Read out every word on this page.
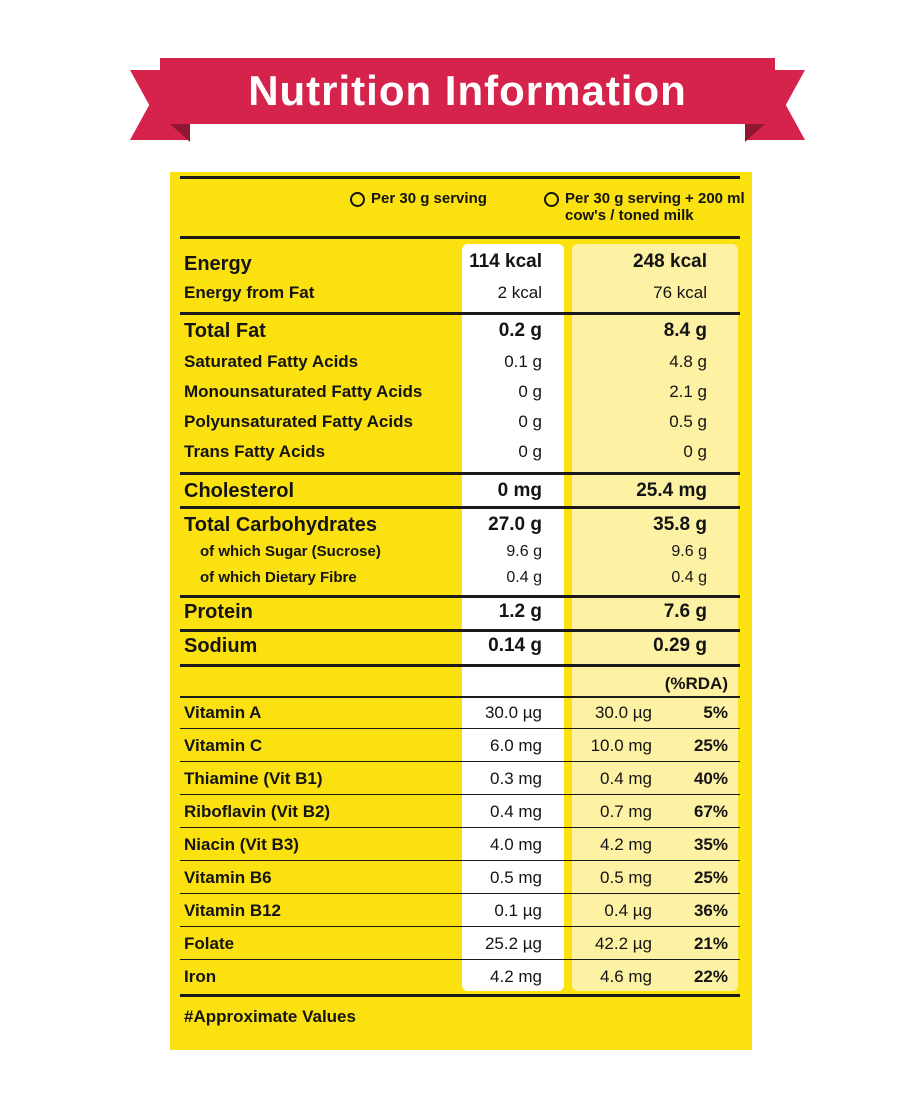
Nutrition Information
Per 30 g serving	Per 30 g serving + 200 ml
cow's / toned milk
Energy	114 kcal	248 kcal
Energy from Fat	2 kcal	76 kcal
Total Fat	0.2 g	8.4 g
Saturated Fatty Acids	0.1 g	4.8 g
Monounsaturated Fatty Acids	0 g	2.1 g
Polyunsaturated Fatty Acids	0 g	0.5 g
Trans Fatty Acids	0 g	0 g
Cholesterol	0 mg	25.4 mg
Total Carbohydrates	27.0 g	35.8 g
of which Sugar (Sucrose)	9.6 g	9.6 g
of which Dietary Fibre	0.4 g	0.4 g
Protein	1.2 g	7.6 g
Sodium	0.14 g	0.29 g
(%RDA)
Vitamin A	30.0 µg	30.0 µg	5%
Vitamin C	6.0 mg	10.0 mg 25%
Thiamine (Vit B1)	0.3 mg	0.4 mg 40%
Riboflavin (Vit B2)	0.4 mg	0.7 mg 67%
Niacin (Vit B3)	4.0 mg	4.2 mg 35%
Vitamin B6	0.5 mg	0.5 mg 25%
Vitamin B12	0.1 µg	0.4 µg 36%
Folate	25.2 µg	42.2 µg 21%
Iron	4.2 mg	4.6 mg 22%
#Approximate Values
